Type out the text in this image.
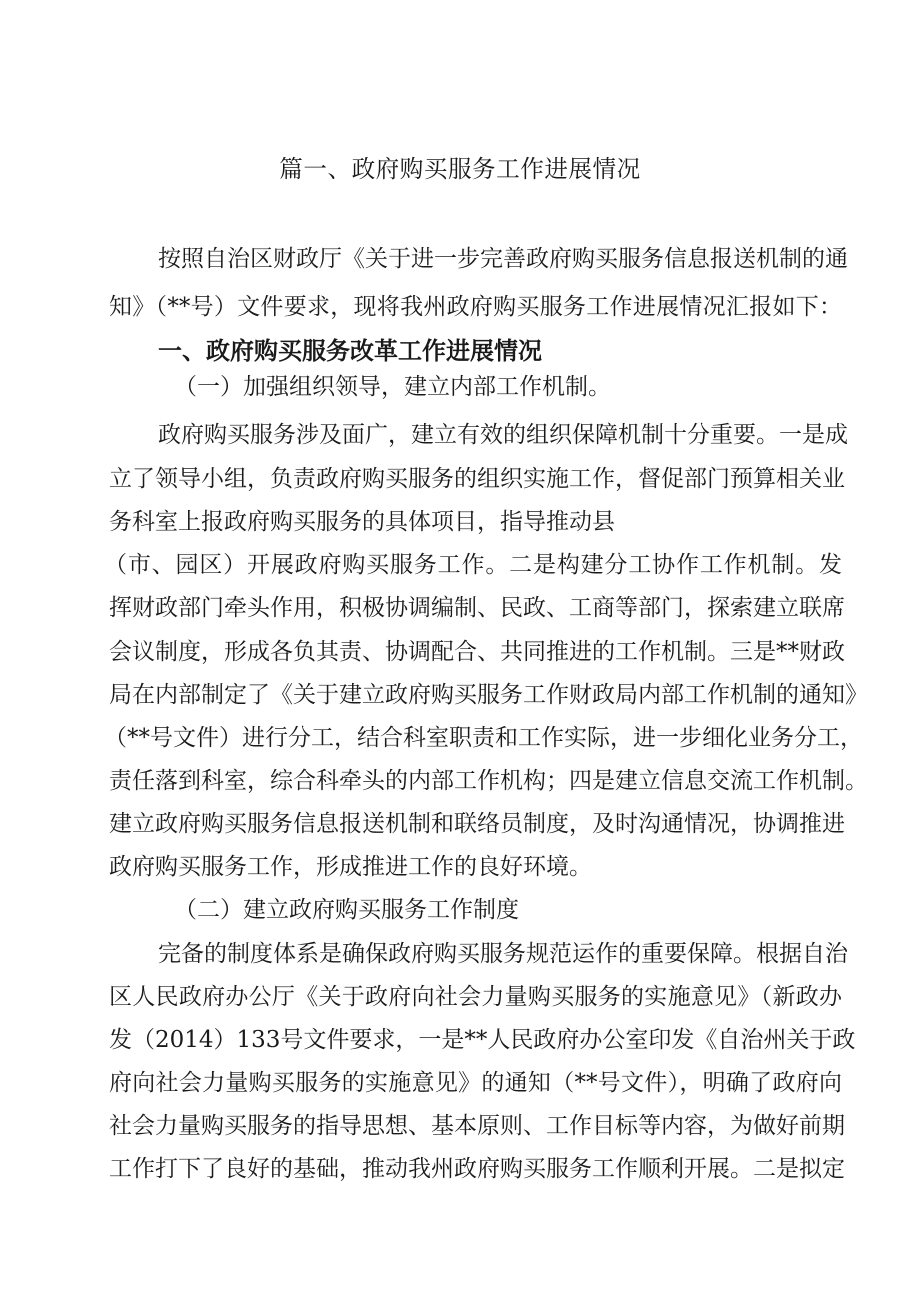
篇一、政府购买服务工作进展情况
按照自治区财政厅《关于进一步完善政府购买服务信息报送机制的通
知》（**号）文件要求，现将我州政府购买服务工作进展情况汇报如下：
一、政府购买服务改革工作进展情况
（一）加强组织领导，建立内部工作机制。
政府购买服务涉及面广，建立有效的组织保障机制十分重要。一是成
立了领导小组，负责政府购买服务的组织实施工作，督促部门预算相关业
务科室上报政府购买服务的具体项目，指导推动县
（市、园区）开展政府购买服务工作。二是构建分工协作工作机制。发
挥财政部门牵头作用，积极协调编制、民政、工商等部门，探索建立联席
会议制度，形成各负其责、协调配合、共同推进的工作机制。三是**财政
局在内部制定了《关于建立政府购买服务工作财政局内部工作机制的通知》
（**号文件）进行分工，结合科室职责和工作实际，进一步细化业务分工，
责任落到科室，综合科牵头的内部工作机构；四是建立信息交流工作机制。
建立政府购买服务信息报送机制和联络员制度，及时沟通情况，协调推进
政府购买服务工作，形成推进工作的良好环境。
（二）建立政府购买服务工作制度
完备的制度体系是确保政府购买服务规范运作的重要保障。根据自治
区人民政府办公厅《关于政府向社会力量购买服务的实施意见》（新政办
发（2014）133号文件要求，一是**人民政府办公室印发《自治州关于政
府向社会力量购买服务的实施意见》的通知（**号文件），明确了政府向
社会力量购买服务的指导思想、基本原则、工作目标等内容，为做好前期
工作打下了良好的基础，推动我州政府购买服务工作顺利开展。二是拟定
